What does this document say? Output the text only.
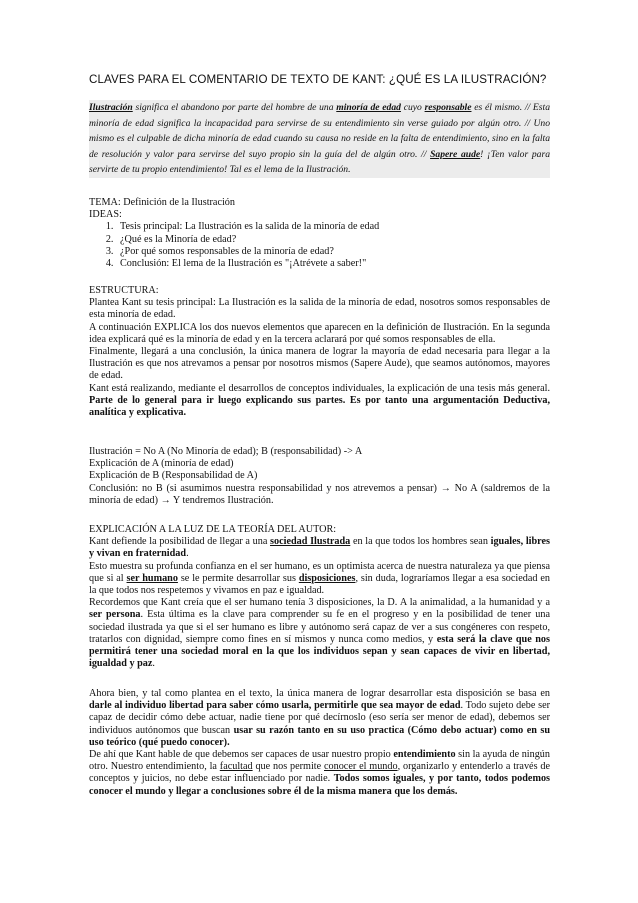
CLAVES PARA EL COMENTARIO DE TEXTO DE KANT: ¿QUÉ ES LA ILUSTRACIÓN?
Ilustración significa el abandono por parte del hombre de una minoría de edad cuyo responsable es él mismo. // Esta minoría de edad significa la incapacidad para servirse de su entendimiento sin verse guiado por algún otro. // Uno mismo es el culpable de dicha minoría de edad cuando su causa no reside en la falta de entendimiento, sino en la falta de resolución y valor para servirse del suyo propio sin la guía del de algún otro. // Sapere aude! ¡Ten valor para servirte de tu propio entendimiento! Tal es el lema de la Ilustración.

TEMA: Definición de la Ilustración

IDEAS:

1. Tesis principal: La Ilustración es la salida de la minoría de edad
2. ¿Qué es la Minoría de edad?
3. ¿Por qué somos responsables de la minoría de edad?
4. Conclusión: El lema de la Ilustración es "¡Atrévete a saber!"

ESTRUCTURA:

Plantea Kant su tesis principal: La Ilustración es la salida de la minoría de edad, nosotros somos responsables de esta minoría de edad.

A continuación EXPLICA los dos nuevos elementos que aparecen en la definición de Ilustración. En la segunda idea explicará qué es la minoría de edad y en la tercera aclarará por qué somos responsables de ella.

Finalmente, llegará a una conclusión, la única manera de lograr la mayoría de edad necesaria para llegar a la Ilustración es que nos atrevamos a pensar por nosotros mismos (Sapere Aude), que seamos autónomos, mayores de edad.

Kant está realizando, mediante el desarrollos de conceptos individuales, la explicación de una tesis más general. Parte de lo general para ir luego explicando sus partes. Es por tanto una argumentación Deductiva, analítica y explicativa.

Ilustración = No A (No Minoría de edad); B (responsabilidad) -> A

Explicación de A (minoría de edad)

Explicación de B (Responsabilidad de A)

Conclusión: no B (si asumimos nuestra responsabilidad y nos atrevemos a pensar) → No A (saldremos de la minoría de edad) → Y tendremos Ilustración.

EXPLICACIÓN A LA LUZ DE LA TEORÍA DEL AUTOR:

Kant defiende la posibilidad de llegar a una sociedad Ilustrada en la que todos los hombres sean iguales, libres y vivan en fraternidad.

Esto muestra su profunda confianza en el ser humano, es un optimista acerca de nuestra naturaleza ya que piensa que si al ser humano se le permite desarrollar sus disposiciones, sin duda, lograríamos llegar a esa sociedad en la que todos nos respetemos y vivamos en paz e igualdad.

Recordemos que Kant creía que el ser humano tenía 3 disposiciones, la D. A la animalidad, a la humanidad y a ser persona. Esta última es la clave para comprender su fe en el progreso y en la posibilidad de tener una sociedad ilustrada ya que si el ser humano es libre y autónomo será capaz de ver a sus congéneres con respeto, tratarlos con dignidad, siempre como fines en sí mismos y nunca como medios, y esta será la clave que nos permitirá tener una sociedad moral en la que los individuos sepan y sean capaces de vivir en libertad, igualdad y paz.

Ahora bien, y tal como plantea en el texto, la única manera de lograr desarrollar esta disposición se basa en darle al individuo libertad para saber cómo usarla, permitirle que sea mayor de edad. Todo sujeto debe ser capaz de decidir cómo debe actuar, nadie tiene por qué decírnoslo (eso sería ser menor de edad), debemos ser individuos autónomos que buscan usar su razón tanto en su uso practica (Cómo debo actuar) como en su uso teórico (qué puedo conocer).

De ahí que Kant hable de que debemos ser capaces de usar nuestro propio entendimiento sin la ayuda de ningún otro. Nuestro entendimiento, la facultad que nos permite conocer el mundo, organizarlo y entenderlo a través de conceptos y juicios, no debe estar influenciado por nadie. Todos somos iguales, y por tanto, todos podemos conocer el mundo y llegar a conclusiones sobre él de la misma manera que los demás.
